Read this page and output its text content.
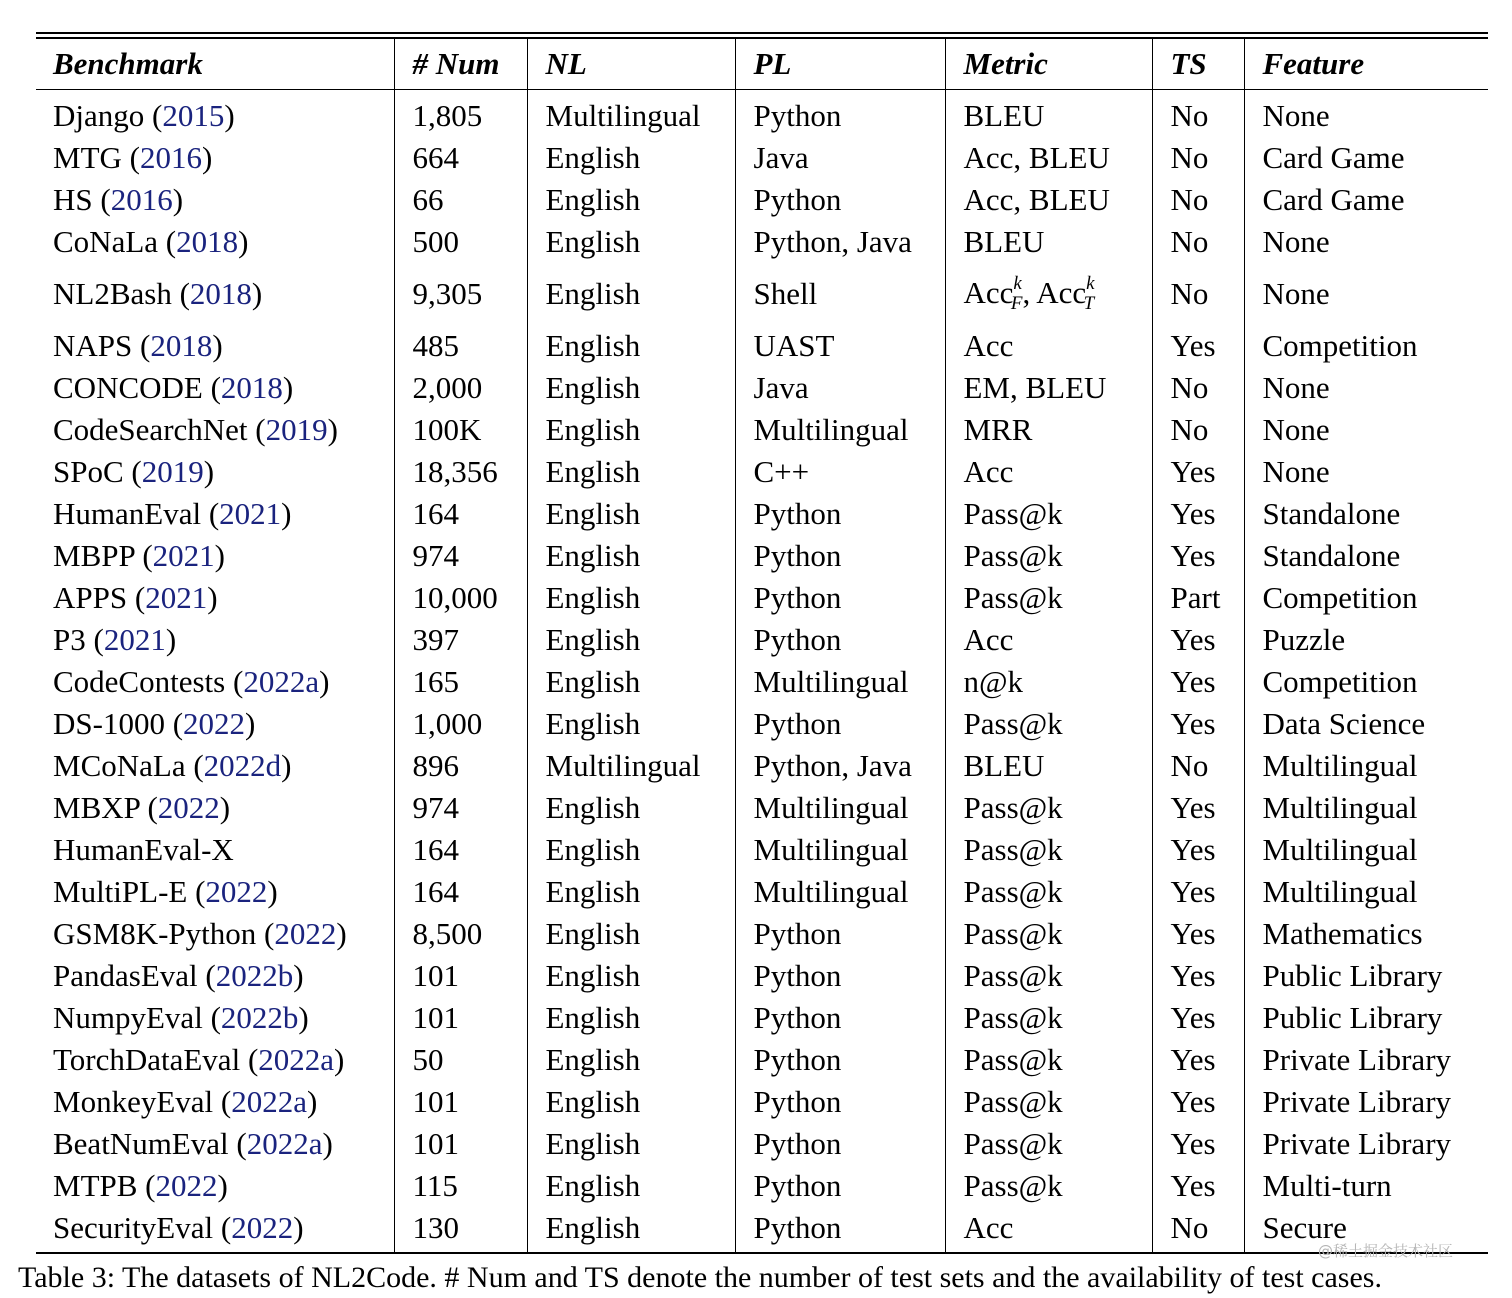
Benchmark	# Num	NL	PL	Metric	TS	Feature
Django (2015)	1,805	Multilingual	Python	BLEU	No	None
MTG (2016)	664	English	Java	Acc, BLEU	No	Card Game
HS (2016)	66	English	Python	Acc, BLEU	No	Card Game
CoNaLa (2018)	500	English	Python, Java	BLEU	No	None
NL2Bash (2018)	9,305	English	Shell	Acc$^k_F$, Acc$^k_T$	No	None
NAPS (2018)	485	English	UAST	Acc	Yes	Competition
CONCODE (2018)	2,000	English	Java	EM, BLEU	No	None
CodeSearchNet (2019)	100K	English	Multilingual	MRR	No	None
SPoC (2019)	18,356	English	C++	Acc	Yes	None
HumanEval (2021)	164	English	Python	Pass@k	Yes	Standalone
MBPP (2021)	974	English	Python	Pass@k	Yes	Standalone
APPS (2021)	10,000	English	Python	Pass@k	Part	Competition
P3 (2021)	397	English	Python	Acc	Yes	Puzzle
CodeContests (2022a)	165	English	Multilingual	n@k	Yes	Competition
DS-1000 (2022)	1,000	English	Python	Pass@k	Yes	Data Science
MCoNaLa (2022d)	896	Multilingual	Python, Java	BLEU	No	Multilingual
MBXP (2022)	974	English	Multilingual	Pass@k	Yes	Multilingual
HumanEval-X	164	English	Multilingual	Pass@k	Yes	Multilingual
MultiPL-E (2022)	164	English	Multilingual	Pass@k	Yes	Multilingual
GSM8K-Python (2022)	8,500	English	Python	Pass@k	Yes	Mathematics
PandasEval (2022b)	101	English	Python	Pass@k	Yes	Public Library
NumpyEval (2022b)	101	English	Python	Pass@k	Yes	Public Library
TorchDataEval (2022a)	50	English	Python	Pass@k	Yes	Private Library
MonkeyEval (2022a)	101	English	Python	Pass@k	Yes	Private Library
BeatNumEval (2022a)	101	English	Python	Pass@k	Yes	Private Library
MTPB (2022)	115	English	Python	Pass@k	Yes	Multi-turn
SecurityEval (2022)	130	English	Python	Acc	No	Secure
@稀土掘金技术社区
Table 3: The datasets of NL2Code. # Num and TS denote the number of test sets and the availability of test cases.
